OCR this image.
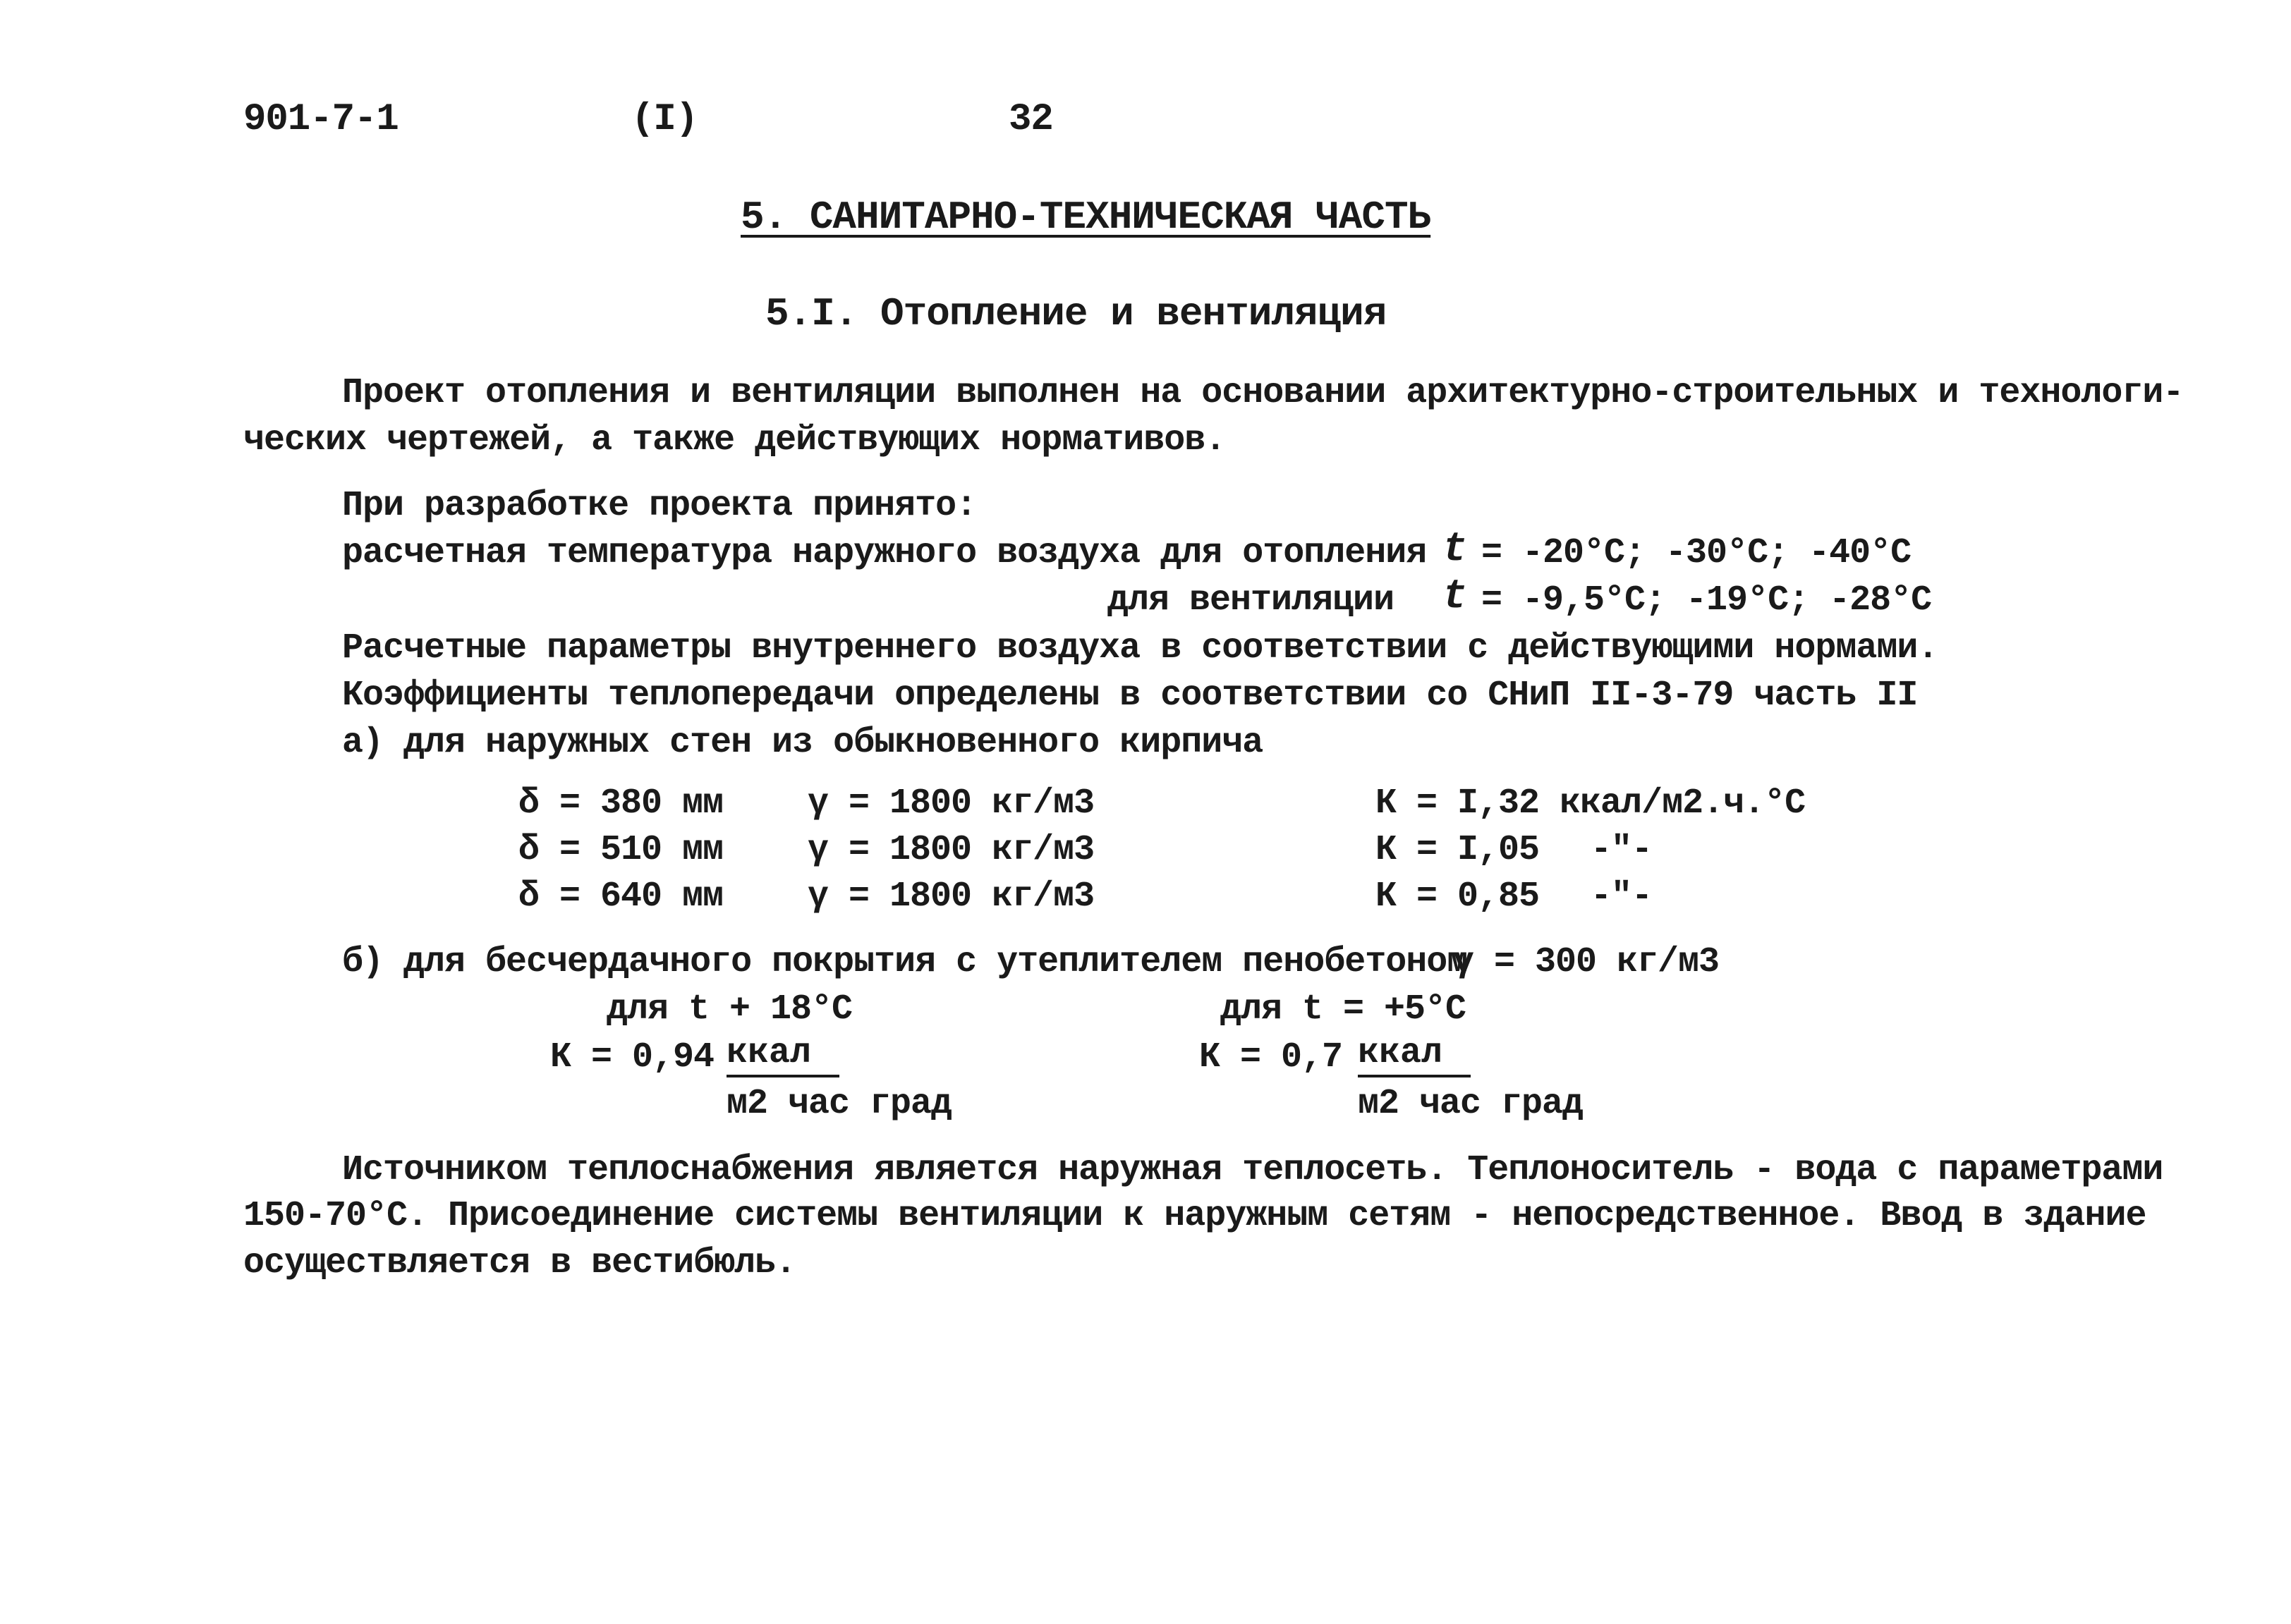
901-7-1	(I)	32
5. САНИТАРНО-ТЕХНИЧЕСКАЯ ЧАСТЬ
5.I. Отопление и вентиляция
Проект отопления и вентиляции выполнен на основании архитектурно-строительных и технологи-
ческих чертежей, а также действующих нормативов.
При разработке проекта принято:
расчетная температура наружного воздуха для отопления t = -20°C; -30°C; -40°C
для вентиляции t = -9,5°C; -19°C; -28°C
Расчетные параметры внутреннего воздуха в соответствии с действующими нормами.
Коэффициенты теплопередачи определены в соответствии со СНиП II-3-79 часть II
а) для наружных стен из обыкновенного кирпича
δ = 380 мм γ = 1800 кг/м3	К = I,32 ккал/м2.ч.°C
δ = 510 мм γ = 1800 кг/м3	К = I,05 -"-
δ = 640 мм γ = 1800 кг/м3	К = 0,85 -"-
б) для бесчердачного покрытия с утеплителем пенобетоном
γ = 300 кг/м3
для t + 18°C	для t = +5°C
К = 0,94 ккал
м2 час град
К = 0,7 ккал
м2 час град
Источником теплоснабжения является наружная теплосеть. Теплоноситель - вода с параметрами
150-70°С. Присоединение системы вентиляции к наружным сетям - непосредственное. Ввод в здание
осуществляется в вестибюль.
